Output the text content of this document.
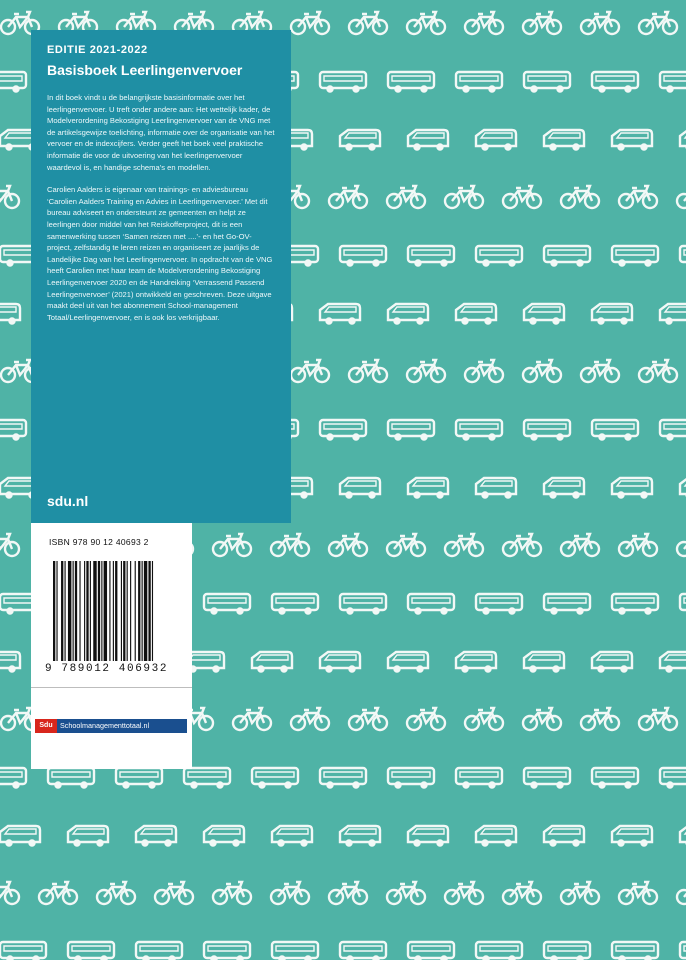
EDITIE 2021-2022
Basisboek Leerlingenvervoer

In dit boek vindt u de belangrijkste basisinformatie over het leerlingenvervoer. U treft onder andere aan: Het wettelijk kader, de Modelverordening Bekostiging Leerlingenvervoer van de VNG met de artikelsgewijze toelichting, informatie over de organisatie van het vervoer en de indexcijfers. Verder geeft het boek veel praktische informatie die voor de uitvoering van het leerlingenvervoer waardevol is, en handige schema’s en modellen.

Carolien Aalders is eigenaar van trainings- en adviesbureau ‘Carolien Aalders Training en Advies in Leerlingenvervoer.’ Met dit bureau adviseert en ondersteunt ze gemeenten en helpt ze leerlingen door middel van het Reiskofferproject, dit is een samenwerking tussen ‘Samen reizen met ....’- en het Go-OV-project, zelfstandig te leren reizen en organiseert ze jaarlijks de Landelijke Dag van het Leerlingenvervoer. In opdracht van de VNG heeft Carolien met haar team de Modelverordening Bekostiging Leerlingenvervoer 2020 en de Handreiking ‘Verrassend Passend Leerlingenvervoer’ (2021) ontwikkeld en geschreven. Deze uitgave maakt deel uit van het abonnement School-management Totaal/Leerlingenvervoer, en is ook los verkrijgbaar.

sdu.nl
ISBN 978 90 12 40693 2
9 789012 406932
Sdu	Schoolmanagementtotaal.nl
